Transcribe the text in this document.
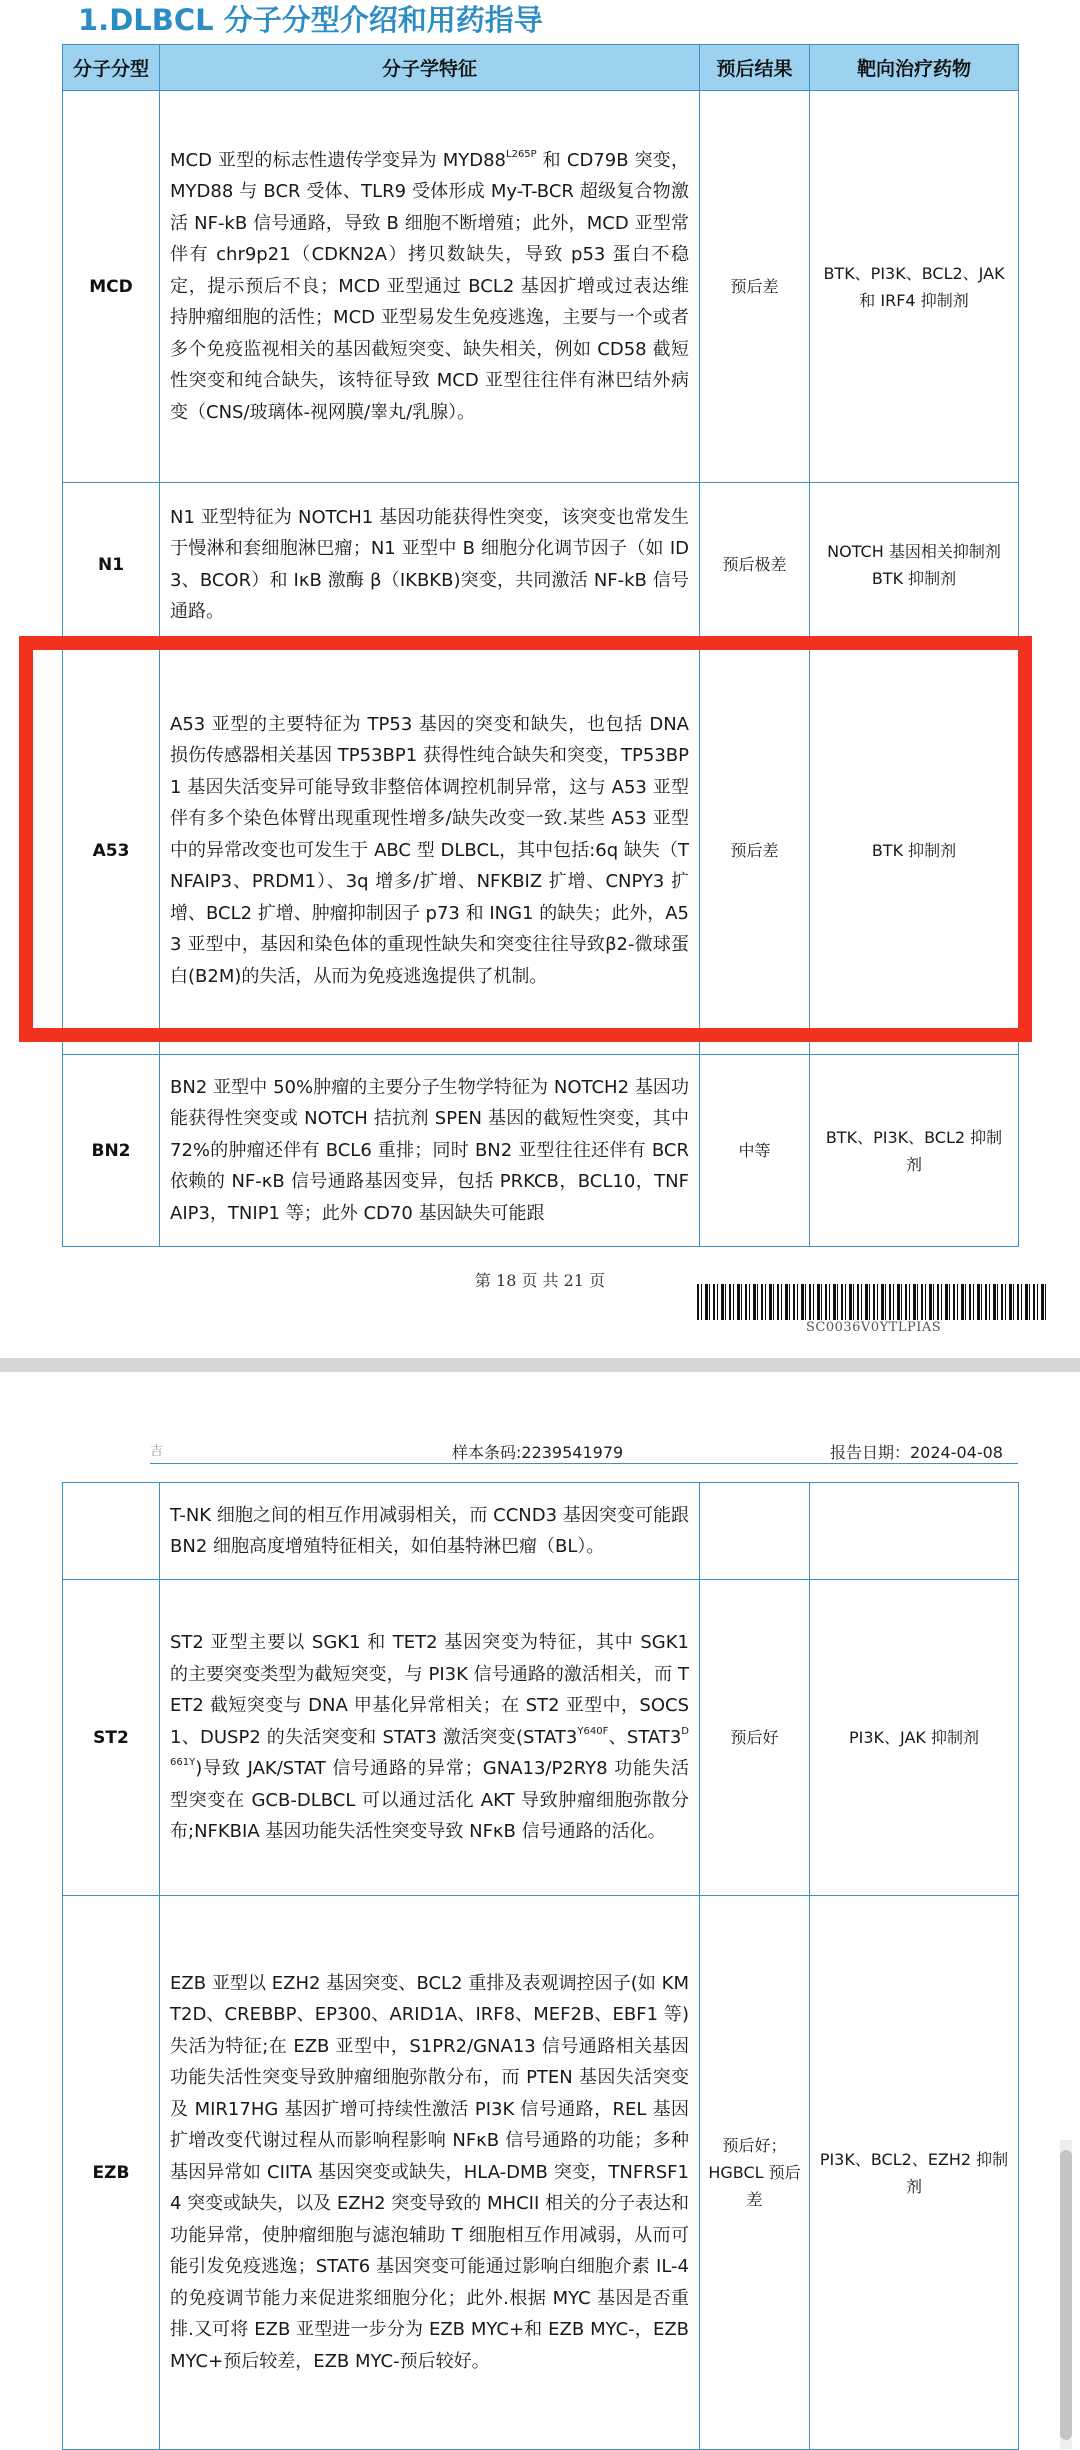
1.DLBCL 分子分型介绍和用药指导
分子分型	分子学特征	预后结果	靶向治疗药物
MCD	MCD 亚型的标志性遗传学变异为 $MYD88^{L265P}$ 和 CD79B 突变，MYD88 与 BCR 受体、TLR9 受体形成 My-T-BCR 超级复合物激活 NF-kB 信号通路，导致 B 细胞不断增殖；此外，MCD 亚型常伴有 chr9p21（CDKN2A）拷贝数缺失，导致 p53 蛋白不稳定，提示预后不良；MCD 亚型通过 BCL2 基因扩增或过表达维持肿瘤细胞的活性；MCD 亚型易发生免疫逃逸，主要与一个或者多个免疫监视相关的基因截短突变、缺失相关，例如 CD58 截短性突变和纯合缺失，该特征导致 MCD 亚型往往伴有淋巴结外病变（CNS/玻璃体-视网膜/睾丸/乳腺）。	预后差	BTK、PI3K、BCL2、JAK 和 IRF4 抑制剂
N1	N1 亚型特征为 NOTCH1 基因功能获得性突变，该突变也常发生于慢淋和套细胞淋巴瘤；N1 亚型中 B 细胞分化调节因子（如 ID3、BCOR）和 IκB 激酶 β（IKBKB)突变，共同激活 NF-kB 信号通路。	预后极差	NOTCH 基因相关抑制剂 BTK 抑制剂
A53	A53 亚型的主要特征为 TP53 基因的突变和缺失，也包括 DNA 损伤传感器相关基因 TP53BP1 获得性纯合缺失和突变，TP53BP1 基因失活变异可能导致非整倍体调控机制异常，这与 A53 亚型伴有多个染色体臂出现重现性增多/缺失改变一致.某些 A53 亚型中的异常改变也可发生于 ABC 型 DLBCL，其中包括:6q 缺失（TNFAIP3、PRDM1）、3q 增多/扩增、NFKBIZ 扩增、CNPY3 扩增、BCL2 扩增、肿瘤抑制因子 p73 和 ING1 的缺失；此外，A53 亚型中，基因和染色体的重现性缺失和突变往往导致β2-微球蛋白(B2M)的失活，从而为免疫逃逸提供了机制。	预后差	BTK 抑制剂
BN2	BN2 亚型中 50%肿瘤的主要分子生物学特征为 NOTCH2 基因功能获得性突变或 NOTCH 拮抗剂 SPEN 基因的截短性突变，其中 72%的肿瘤还伴有 BCL6 重排；同时 BN2 亚型往往还伴有 BCR 依赖的 NF-κB 信号通路基因变异，包括 PRKCB，BCL10，TNFAIP3，TNIP1 等；此外 CD70 基因缺失可能跟	中等	BTK、PI3K、BCL2 抑制剂
第 18 页 共 21 页
SC0036V0YTLPIAS
吉	样本条码:2239541979	报告日期：2024-04-08
	T-NK 细胞之间的相互作用减弱相关，而 CCND3 基因突变可能跟 BN2 细胞高度增殖特征相关，如伯基特淋巴瘤（BL）。		
ST2	ST2 亚型主要以 SGK1 和 TET2 基因突变为特征，其中 SGK1 的主要突变类型为截短突变，与 PI3K 信号通路的激活相关，而 TET2 截短突变与 DNA 甲基化异常相关；在 ST2 亚型中，SOCS1、DUSP2 的失活突变和 STAT3 激活突变($STAT3^{Y640F}$、$STAT3^{D661Y}$)导致 JAK/STAT 信号通路的异常；GNA13/P2RY8 功能失活型突变在 GCB-DLBCL 可以通过活化 AKT 导致肿瘤细胞弥散分布;NFKBIA 基因功能失活性突变导致 NFκB 信号通路的活化。	预后好	PI3K、JAK 抑制剂
EZB	EZB 亚型以 EZH2 基因突变、BCL2 重排及表观调控因子(如 KMT2D、CREBBP、EP300、ARID1A、IRF8、MEF2B、EBF1 等)失活为特征;在 EZB 亚型中，S1PR2/GNA13 信号通路相关基因功能失活性突变导致肿瘤细胞弥散分布，而 PTEN 基因失活突变及 MIR17HG 基因扩增可持续性激活 PI3K 信号通路，REL 基因扩增改变代谢过程从而影响程影响 NFκB 信号通路的功能；多种基因异常如 CIITA 基因突变或缺失，HLA-DMB 突变，TNFRSF14 突变或缺失，以及 EZH2 突变导致的 MHCII 相关的分子表达和功能异常，使肿瘤细胞与滤泡辅助 T 细胞相互作用减弱，从而可能引发免疫逃逸；STAT6 基因突变可能通过影响白细胞介素 IL-4 的免疫调节能力来促进浆细胞分化；此外.根据 MYC 基因是否重排.又可将 EZB 亚型进一步分为 EZB MYC+和 EZB MYC-，EZB MYC+预后较差，EZB MYC-预后较好。	预后好；HGBCL 预后差	PI3K、BCL2、EZH2 抑制剂
